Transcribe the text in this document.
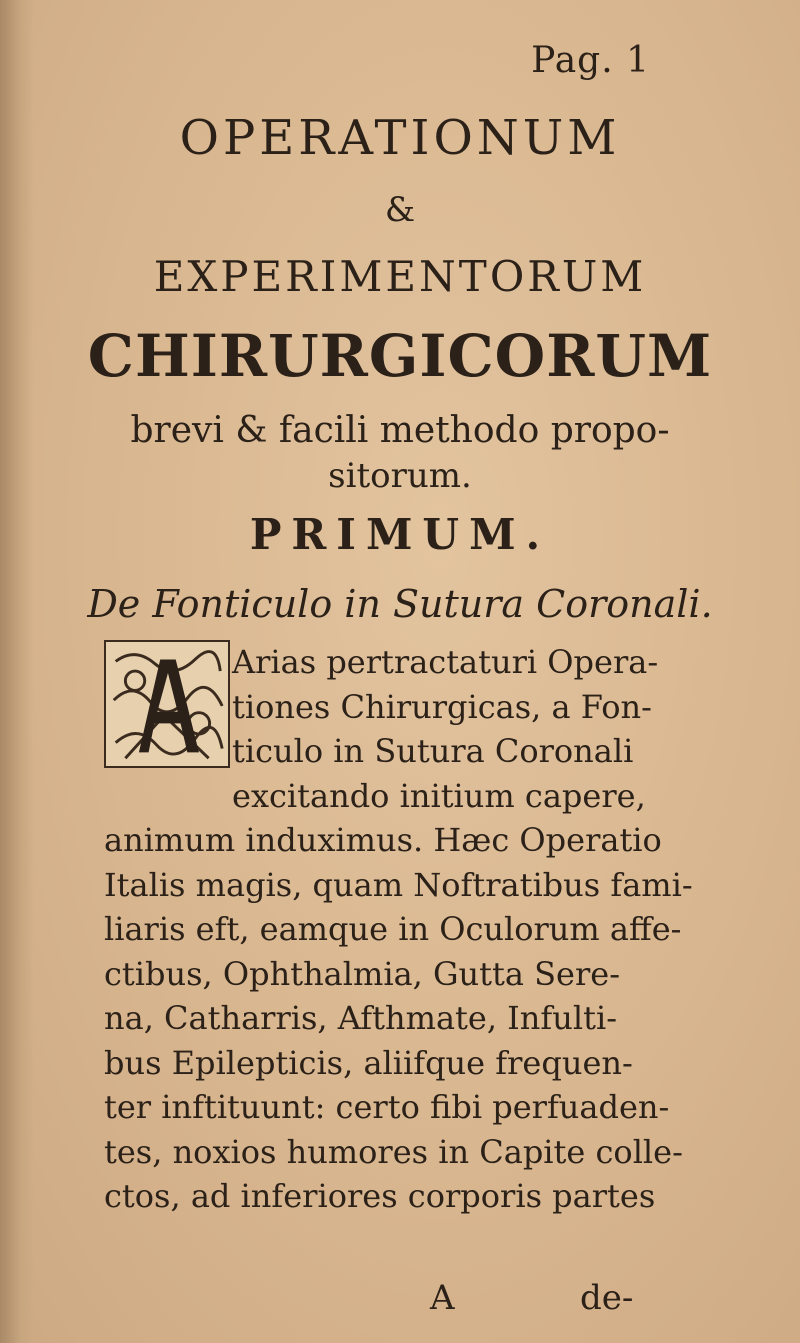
Pag. 1
OPERATIONUM
&
EXPERIMENTORUM
CHIRURGICORUM
brevi & facili methodo propo-
sitorum.
PRIMUM.
De Fonticulo in Sutura Coronali.
Arias pertractaturi Opera-
tiones Chirurgicas, a Fon-
ticulo in Sutura Coronali
excitando initium capere,
animum induximus. Hæc Operatio
Italis magis, quam Noftratibus fami-
liaris eft, eamque in Oculorum affe-
ctibus, Ophthalmia, Gutta Sere-
na, Catharris, Afthmate, Infulti-
bus Epilepticis, aliifque frequen-
ter inftituunt: certo fibi perfuaden-
tes, noxios humores in Capite colle-
ctos, ad inferiores corporis partes
A	de-
